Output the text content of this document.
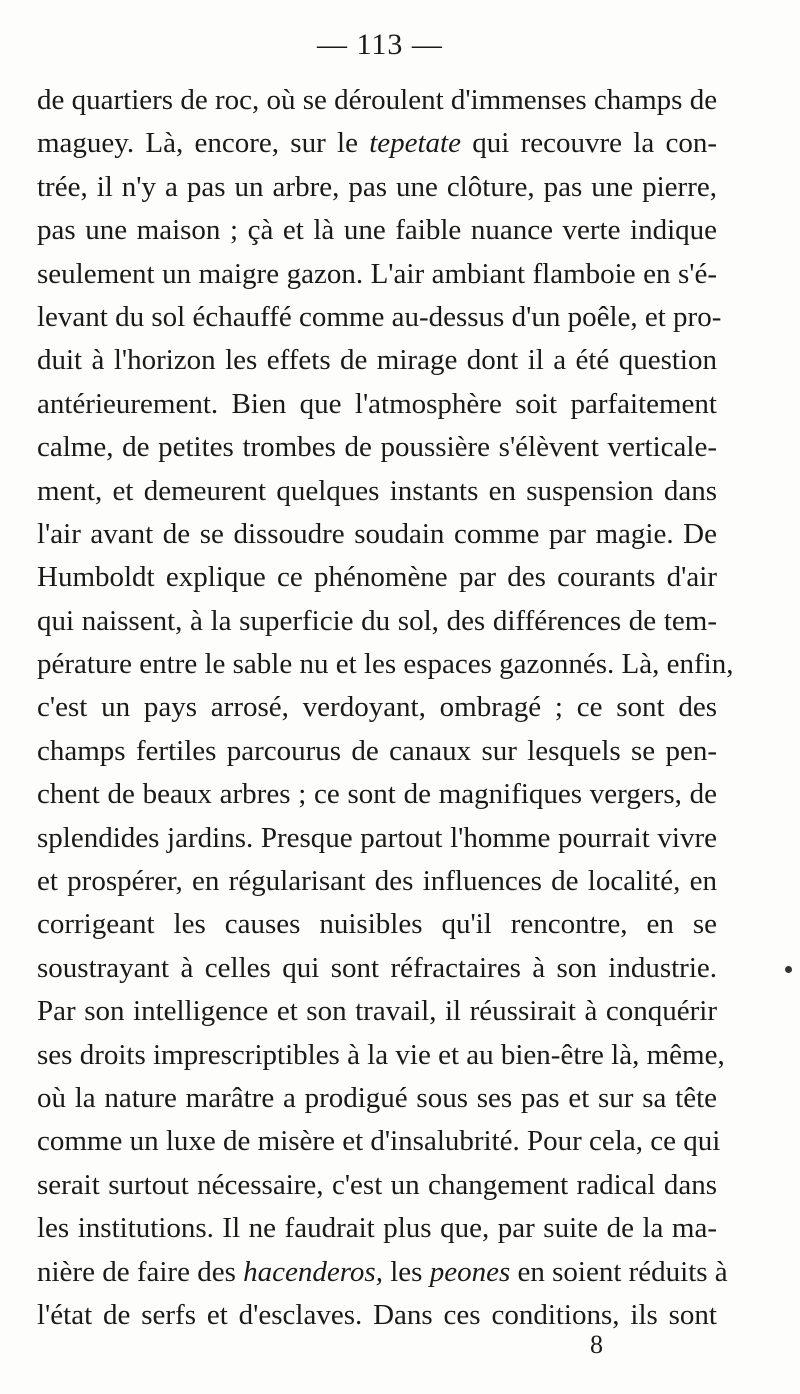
— 113 —
de quartiers de roc, où se déroulent d'immenses champs de
maguey. Là, encore, sur le tepetate qui recouvre la con-
trée, il n'y a pas un arbre, pas une clôture, pas une pierre,
pas une maison ; çà et là une faible nuance verte indique
seulement un maigre gazon. L'air ambiant flamboie en s'é-
levant du sol échauffé comme au-dessus d'un poêle, et pro-
duit à l'horizon les effets de mirage dont il a été question
antérieurement. Bien que l'atmosphère soit parfaitement
calme, de petites trombes de poussière s'élèvent verticale-
ment, et demeurent quelques instants en suspension dans
l'air avant de se dissoudre soudain comme par magie. De
Humboldt explique ce phénomène par des courants d'air
qui naissent, à la superficie du sol, des différences de tem-
pérature entre le sable nu et les espaces gazonnés. Là, enfin,
c'est un pays arrosé, verdoyant, ombragé ; ce sont des
champs fertiles parcourus de canaux sur lesquels se pen-
chent de beaux arbres ; ce sont de magnifiques vergers, de
splendides jardins. Presque partout l'homme pourrait vivre
et prospérer, en régularisant des influences de localité, en
corrigeant les causes nuisibles qu'il rencontre, en se
soustrayant à celles qui sont réfractaires à son industrie.
Par son intelligence et son travail, il réussirait à conquérir
ses droits imprescriptibles à la vie et au bien-être là, même,
où la nature marâtre a prodigué sous ses pas et sur sa tête
comme un luxe de misère et d'insalubrité. Pour cela, ce qui
serait surtout nécessaire, c'est un changement radical dans
les institutions. Il ne faudrait plus que, par suite de la ma-
nière de faire des hacenderos, les peones en soient réduits à
l'état de serfs et d'esclaves. Dans ces conditions, ils sont
8
